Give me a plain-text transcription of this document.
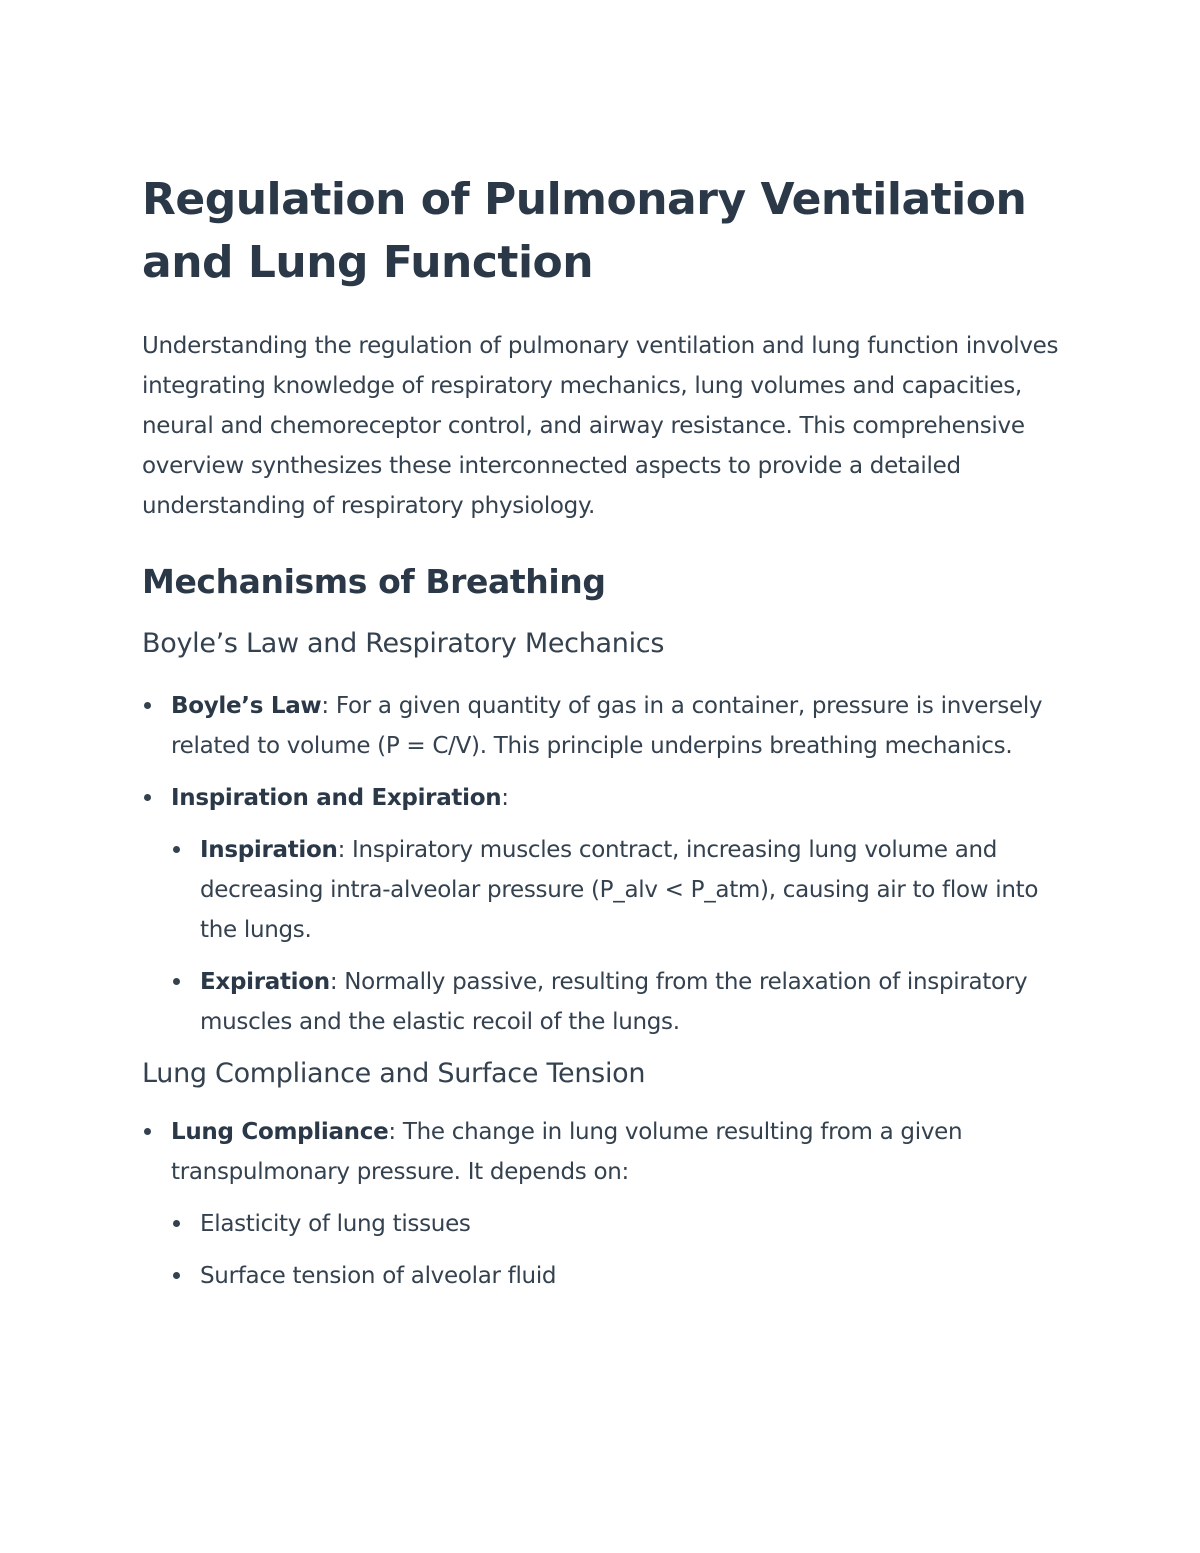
Regulation of Pulmonary Ventilation and Lung Function

Understanding the regulation of pulmonary ventilation and lung function involves integrating knowledge of respiratory mechanics, lung volumes and capacities, neural and chemoreceptor control, and airway resistance. This comprehensive overview synthesizes these interconnected aspects to provide a detailed understanding of respiratory physiology.

Mechanisms of Breathing
Boyle’s Law and Respiratory Mechanics
Boyle’s Law: For a given quantity of gas in a container, pressure is inversely related to volume (P = C/V). This principle underpins breathing mechanics.
Inspiration and Expiration:
Inspiration: Inspiratory muscles contract, increasing lung volume and decreasing intra-alveolar pressure (P_alv < P_atm), causing air to flow into the lungs.
Expiration: Normally passive, resulting from the relaxation of inspiratory muscles and the elastic recoil of the lungs.
Lung Compliance and Surface Tension
Lung Compliance: The change in lung volume resulting from a given transpulmonary pressure. It depends on:
Elasticity of lung tissues
Surface tension of alveolar fluid
